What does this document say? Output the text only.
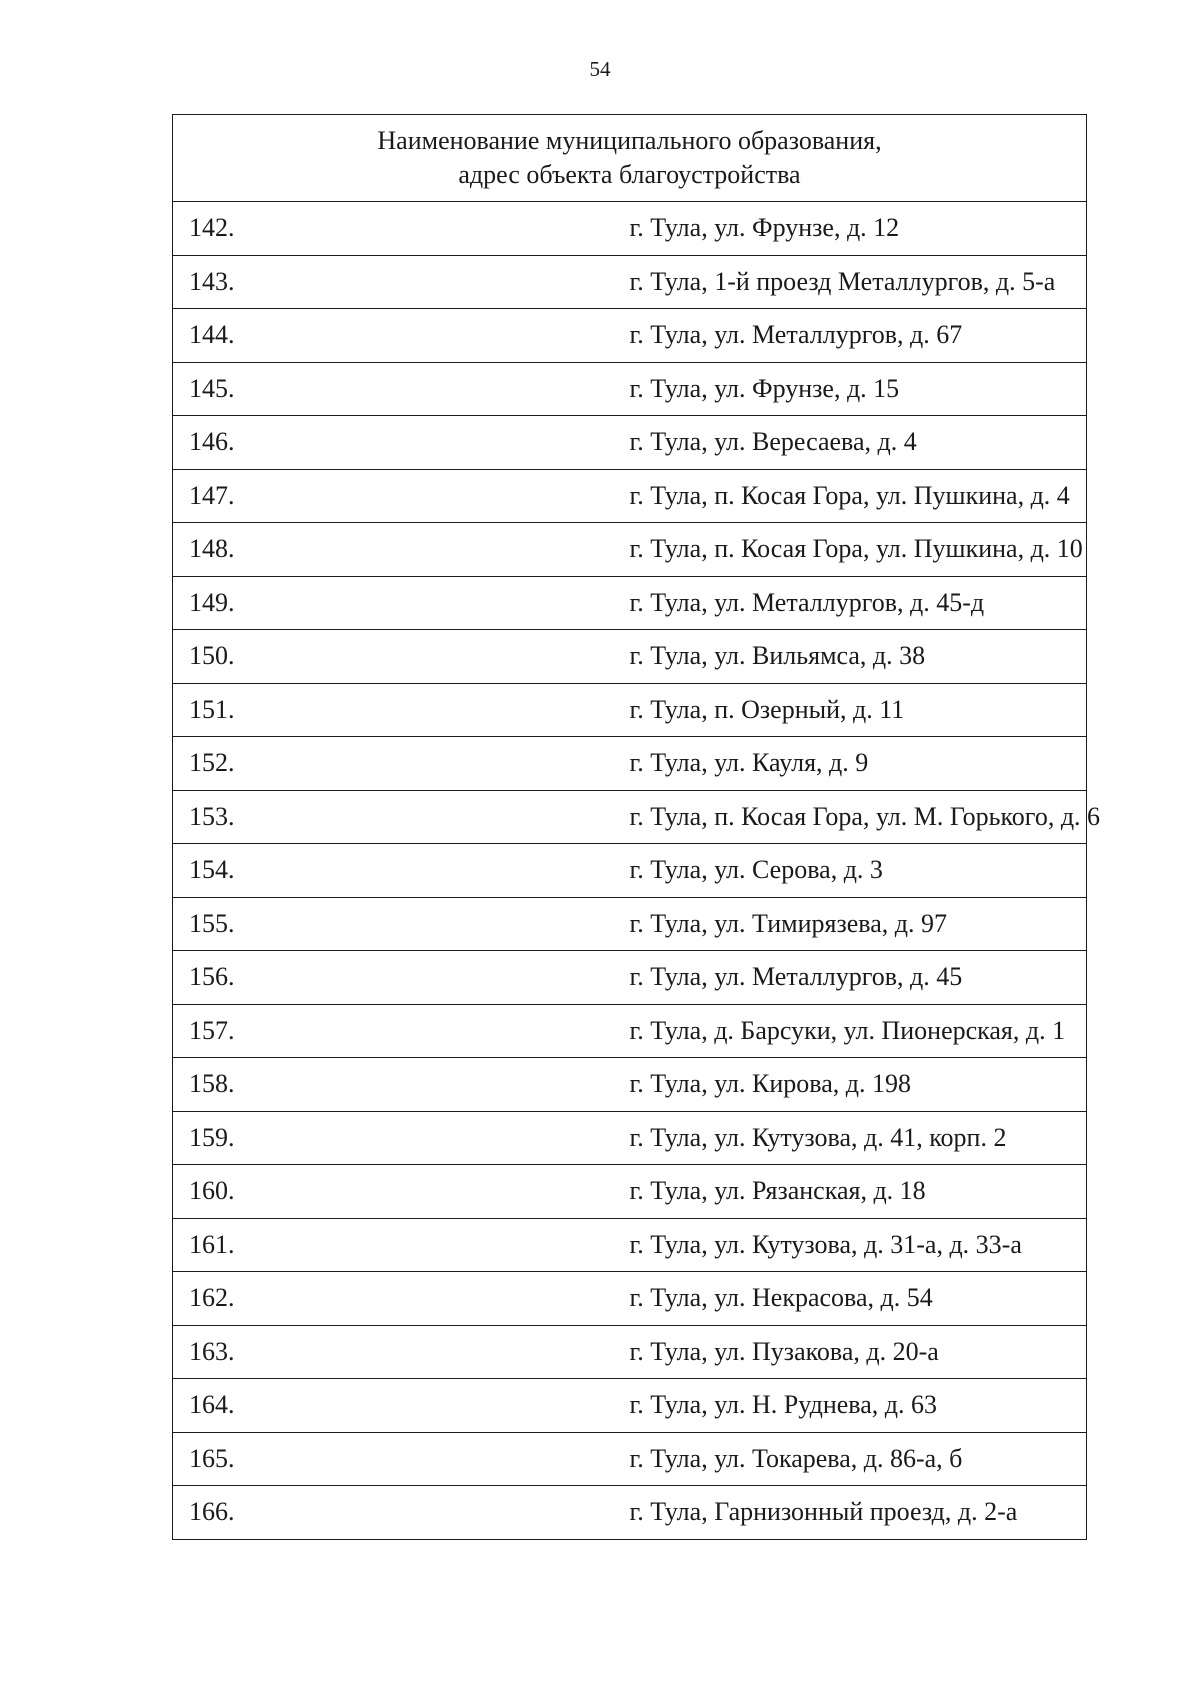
54
Наименование муниципального образования,
адрес объекта благоустройства	

142.	г. Тула, ул. Фрунзе, д. 12
143.	г. Тула, 1-й проезд Металлургов, д. 5-а
144.	г. Тула, ул. Металлургов, д. 67
145.	г. Тула, ул. Фрунзе, д. 15
146.	г. Тула, ул. Вересаева, д. 4
147.	г. Тула, п. Косая Гора, ул. Пушкина, д. 4
148.	г. Тула, п. Косая Гора, ул. Пушкина, д. 10
149.	г. Тула, ул. Металлургов, д. 45-д
150.	г. Тула, ул. Вильямса, д. 38
151.	г. Тула, п. Озерный, д. 11
152.	г. Тула, ул. Кауля, д. 9
153.	г. Тула, п. Косая Гора, ул. М. Горького, д. 6
154.	г. Тула, ул. Серова, д. 3
155.	г. Тула, ул. Тимирязева, д. 97
156.	г. Тула, ул. Металлургов, д. 45
157.	г. Тула, д. Барсуки, ул. Пионерская, д. 1
158.	г. Тула, ул. Кирова, д. 198
159.	г. Тула, ул. Кутузова, д. 41, корп. 2
160.	г. Тула, ул. Рязанская, д. 18
161.	г. Тула, ул. Кутузова, д. 31-а, д. 33-а
162.	г. Тула, ул. Некрасова, д. 54
163.	г. Тула, ул. Пузакова, д. 20-а
164.	г. Тула, ул. Н. Руднева, д. 63
165.	г. Тула, ул. Токарева, д. 86-а, б
166.	г. Тула, Гарнизонный проезд, д. 2-а
